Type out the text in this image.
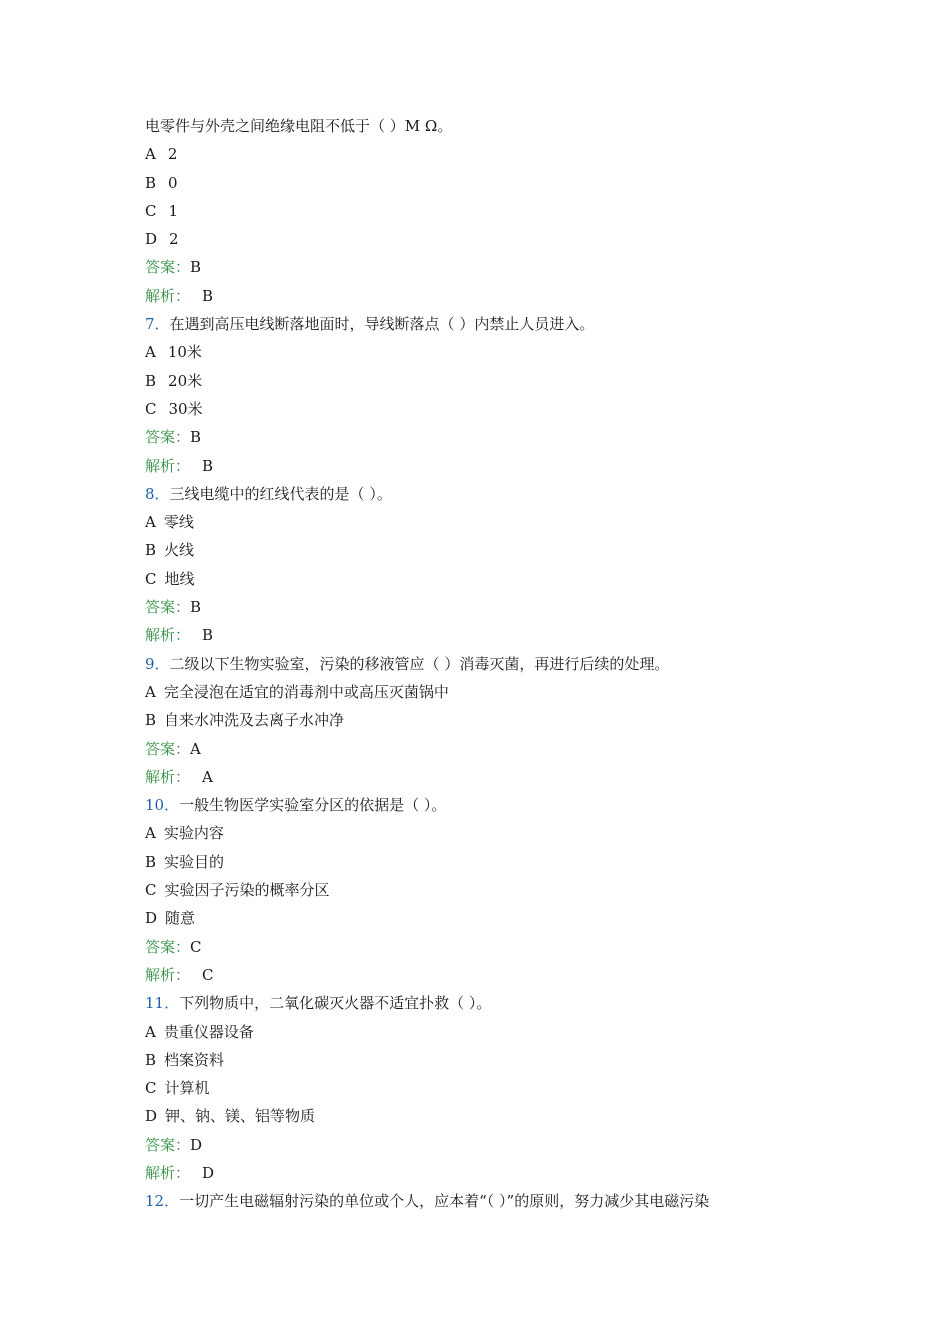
电零件与外壳之间绝缘电阻不低于（ ）M Ω。
A 2
B 0
C 1
D 2
答案：B
解析： B
7．在遇到高压电线断落地面时，导线断落点（ ）内禁止人员进入。
A 10米
B 20米
C 30米
答案：B
解析： B
8．三线电缆中的红线代表的是（ ）。
A 零线
B 火线
C 地线
答案：B
解析： B
9．二级以下生物实验室，污染的移液管应（ ）消毒灭菌，再进行后续的处理。
A 完全浸泡在适宜的消毒剂中或高压灭菌锅中
B 自来水冲洗及去离子水冲净
答案：A
解析： A
10．一般生物医学实验室分区的依据是（ ）。
A 实验内容
B 实验目的
C 实验因子污染的概率分区
D 随意
答案：C
解析： C
11．下列物质中，二氧化碳灭火器不适宜扑救（ ）。
A 贵重仪器设备
B 档案资料
C 计算机
D 钾、钠、镁、铝等物质
答案：D
解析： D
12．一切产生电磁辐射污染的单位或个人，应本着“（ ）”的原则，努力减少其电磁污染
